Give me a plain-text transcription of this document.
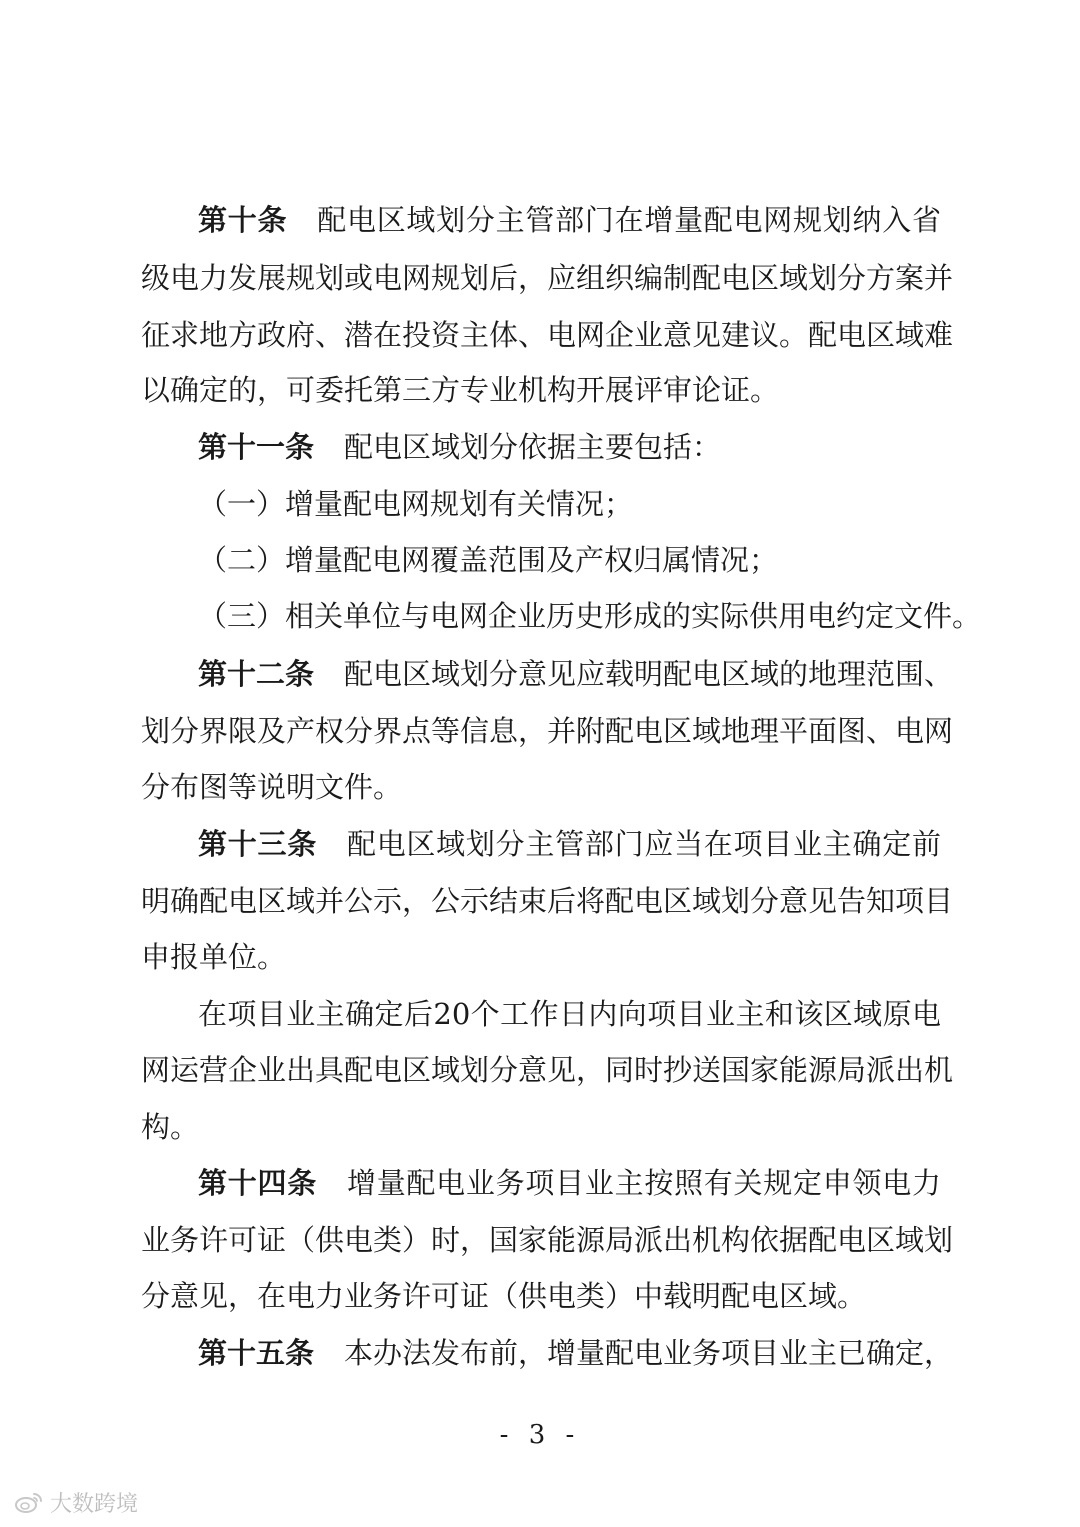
第十条 配电区域划分主管部门在增量配电网规划纳入省
级电力发展规划或电网规划后，应组织编制配电区域划分方案并
征求地方政府、潜在投资主体、电网企业意见建议。配电区域难
以确定的，可委托第三方专业机构开展评审论证。
第十一条 配电区域划分依据主要包括：
（一）增量配电网规划有关情况；
（二）增量配电网覆盖范围及产权归属情况；
（三）相关单位与电网企业历史形成的实际供用电约定文件。
第十二条 配电区域划分意见应载明配电区域的地理范围、
划分界限及产权分界点等信息，并附配电区域地理平面图、电网
分布图等说明文件。
第十三条 配电区域划分主管部门应当在项目业主确定前
明确配电区域并公示，公示结束后将配电区域划分意见告知项目
申报单位。
在项目业主确定后20个工作日内向项目业主和该区域原电
网运营企业出具配电区域划分意见，同时抄送国家能源局派出机
构。
第十四条 增量配电业务项目业主按照有关规定申领电力
业务许可证（供电类）时，国家能源局派出机构依据配电区域划
分意见，在电力业务许可证（供电类）中载明配电区域。
第十五条 本办法发布前，增量配电业务项目业主已确定，
- 3 -
大数跨境
